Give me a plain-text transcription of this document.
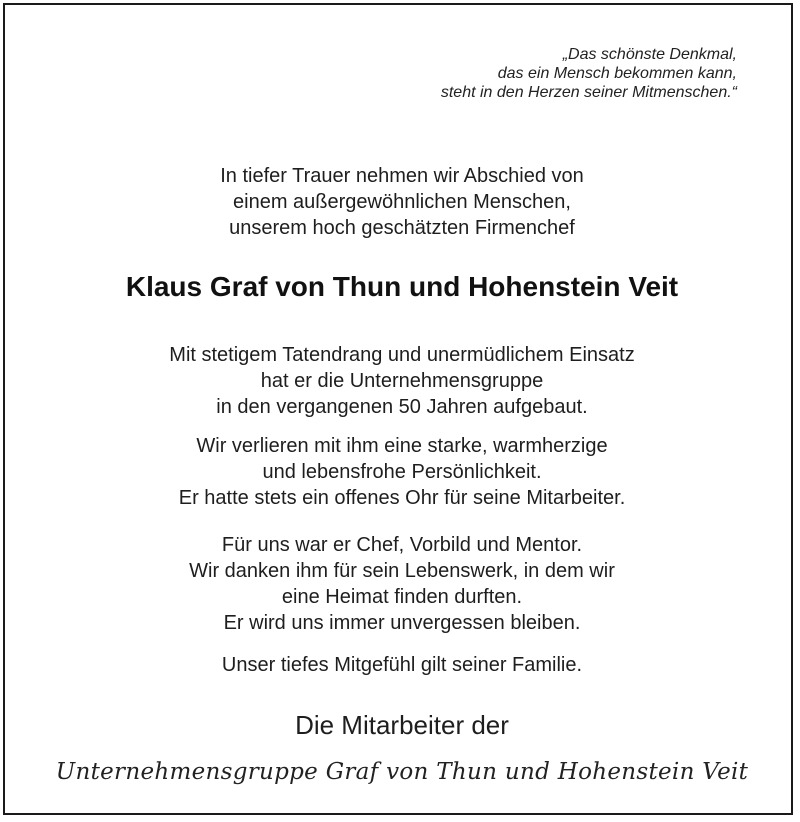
„Das schönste Denkmal,
das ein Mensch bekommen kann,
steht in den Herzen seiner Mitmenschen.“
In tiefer Trauer nehmen wir Abschied von
einem außergewöhnlichen Menschen,
unserem hoch geschätzten Firmenchef
Klaus Graf von Thun und Hohenstein Veit
Mit stetigem Tatendrang und unermüdlichem Einsatz
hat er die Unternehmensgruppe
in den vergangenen 50 Jahren aufgebaut.
Wir verlieren mit ihm eine starke, warmherzige
und lebensfrohe Persönlichkeit.
Er hatte stets ein offenes Ohr für seine Mitarbeiter.
Für uns war er Chef, Vorbild und Mentor.
Wir danken ihm für sein Lebenswerk, in dem wir
eine Heimat finden durften.
Er wird uns immer unvergessen bleiben.
Unser tiefes Mitgefühl gilt seiner Familie.
Die Mitarbeiter der
Unternehmensgruppe Graf von Thun und Hohenstein Veit
